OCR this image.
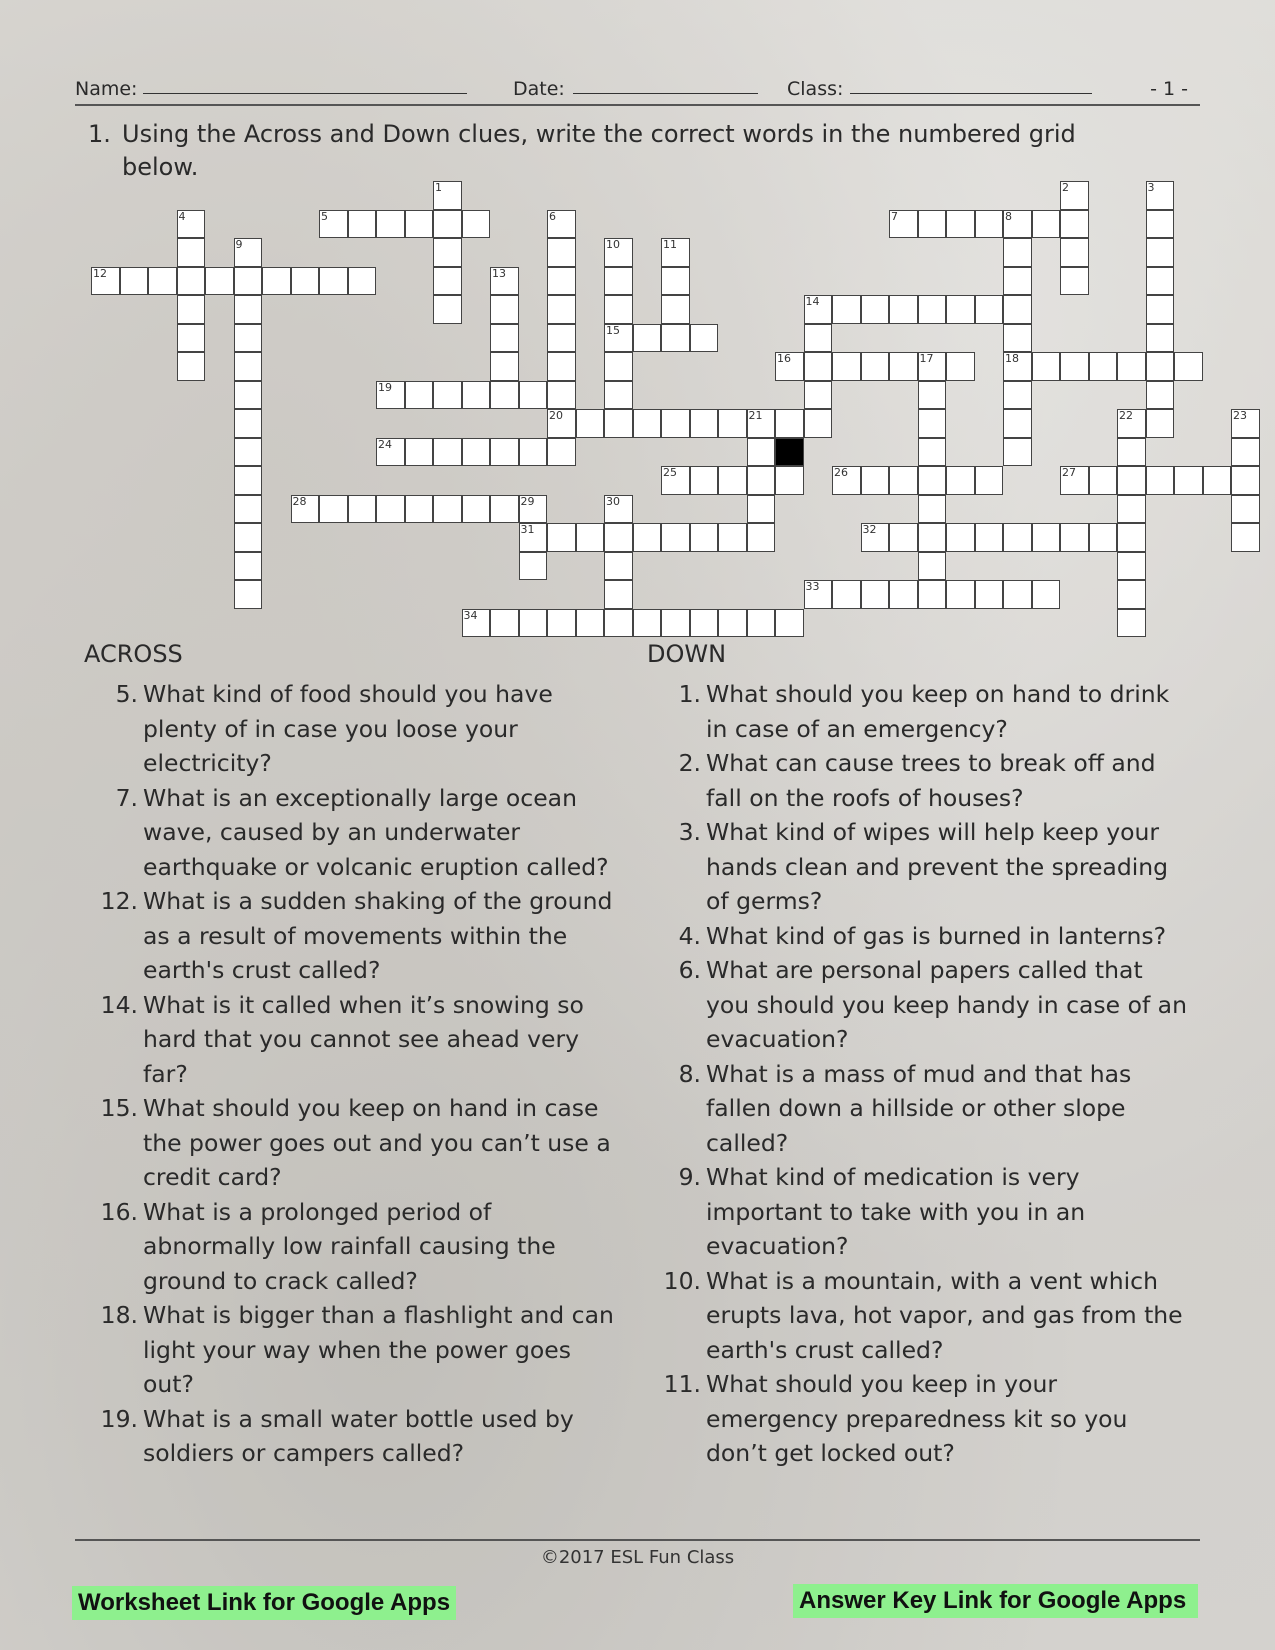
Name:	Date:	Class:	- 1 -
1. Using the Across and Down clues, write the correct words in the numbered grid below.
5	7	8
12
14
15
16	17	18
19
20	21
24
25	26	27
28	29
31	32
33
34
1	2	3
4	6
9	10	11
13
22	23
30
ACROSS
5. What kind of food should you have plenty of in case you loose your electricity?
7. What is an exceptionally large ocean wave, caused by an underwater earthquake or volcanic eruption called?
12. What is a sudden shaking of the ground as a result of movements within the earth's crust called?
14. What is it called when it’s snowing so hard that you cannot see ahead very far?
15. What should you keep on hand in case the power goes out and you can’t use a credit card?
16. What is a prolonged period of abnormally low rainfall causing the ground to crack called?
18. What is bigger than a flashlight and can light your way when the power goes out?
19. What is a small water bottle used by soldiers or campers called?
DOWN
1. What should you keep on hand to drink in case of an emergency?
2. What can cause trees to break off and fall on the roofs of houses?
3. What kind of wipes will help keep your hands clean and prevent the spreading of germs?
4. What kind of gas is burned in lanterns?
6. What are personal papers called that you should you keep handy in case of an evacuation?
8. What is a mass of mud and that has fallen down a hillside or other slope called?
9. What kind of medication is very important to take with you in an evacuation?
10. What is a mountain, with a vent which erupts lava, hot vapor, and gas from the earth's crust called?
11. What should you keep in your emergency preparedness kit so you don’t get locked out?
©2017 ESL Fun Class
Worksheet Link for Google Apps	Answer Key Link for Google Apps
